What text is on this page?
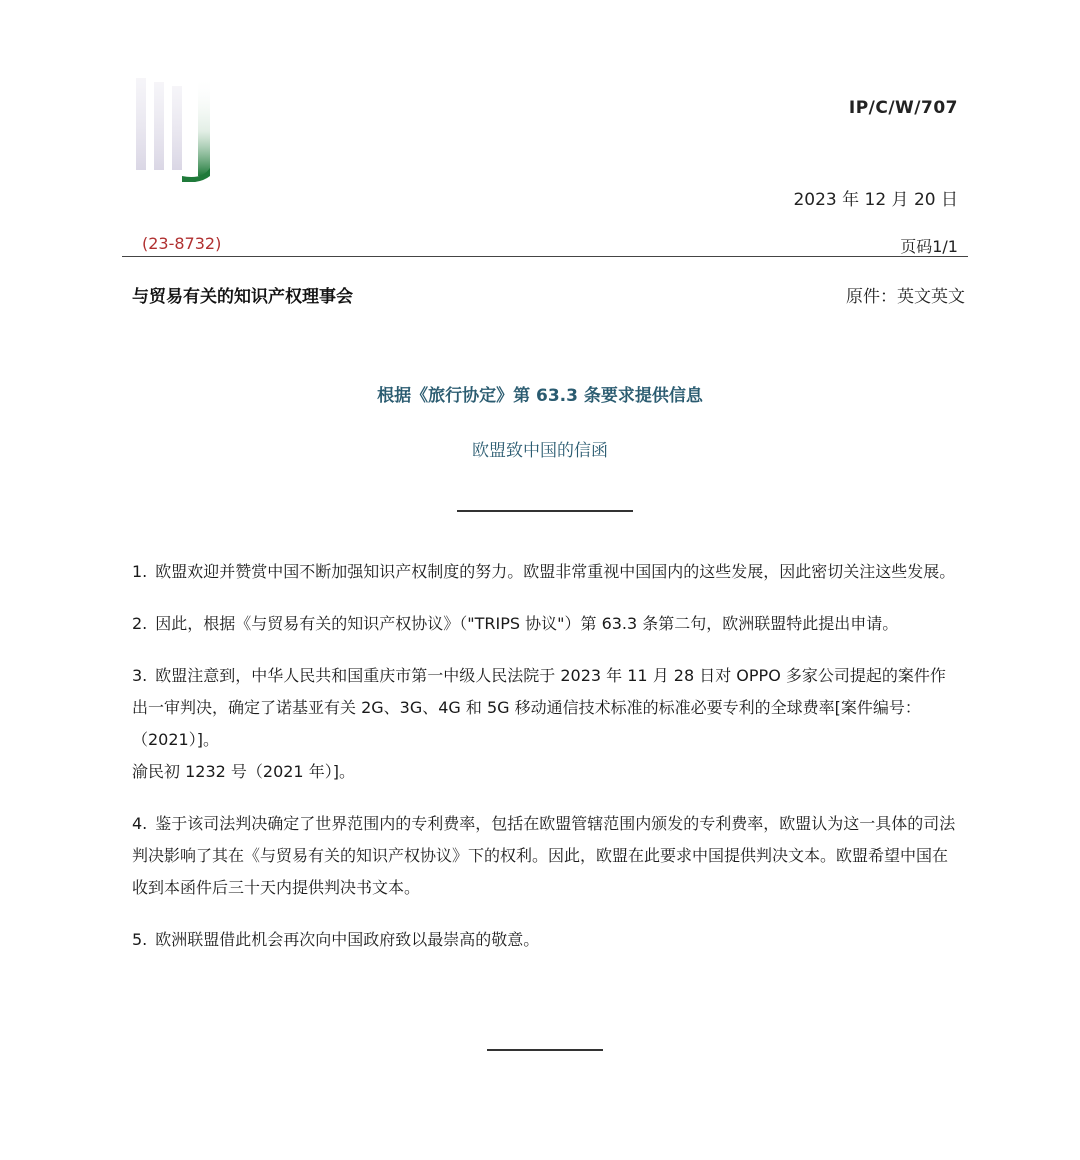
IP/C/W/707
2023 年 12 月 20 日
(23-8732)	页码1/1
与贸易有关的知识产权理事会	原件：英文英文
根据《旅行协定》第 63.3 条要求提供信息
欧盟致中国的信函

1. 欧盟欢迎并赞赏中国不断加强知识产权制度的努力。欧盟非常重视中国国内的这些发展，因此密切关注这些发展。

2. 因此，根据《与贸易有关的知识产权协议》（"TRIPS 协议"）第 63.3 条第二句，欧洲联盟特此提出申请。

3. 欧盟注意到，中华人民共和国重庆市第一中级人民法院于 2023 年 11 月 28 日对 OPPO 多家公司提起的案件作出一审判决，确定了诺基亚有关 2G、3G、4G 和 5G 移动通信技术标准的标准必要专利的全球费率[案件编号：（2021）]。
渝民初 1232 号（2021 年）]。

4. 鉴于该司法判决确定了世界范围内的专利费率，包括在欧盟管辖范围内颁发的专利费率，欧盟认为这一具体的司法判决影响了其在《与贸易有关的知识产权协议》下的权利。因此，欧盟在此要求中国提供判决文本。欧盟希望中国在收到本函件后三十天内提供判决书文本。

5. 欧洲联盟借此机会再次向中国政府致以最崇高的敬意。
